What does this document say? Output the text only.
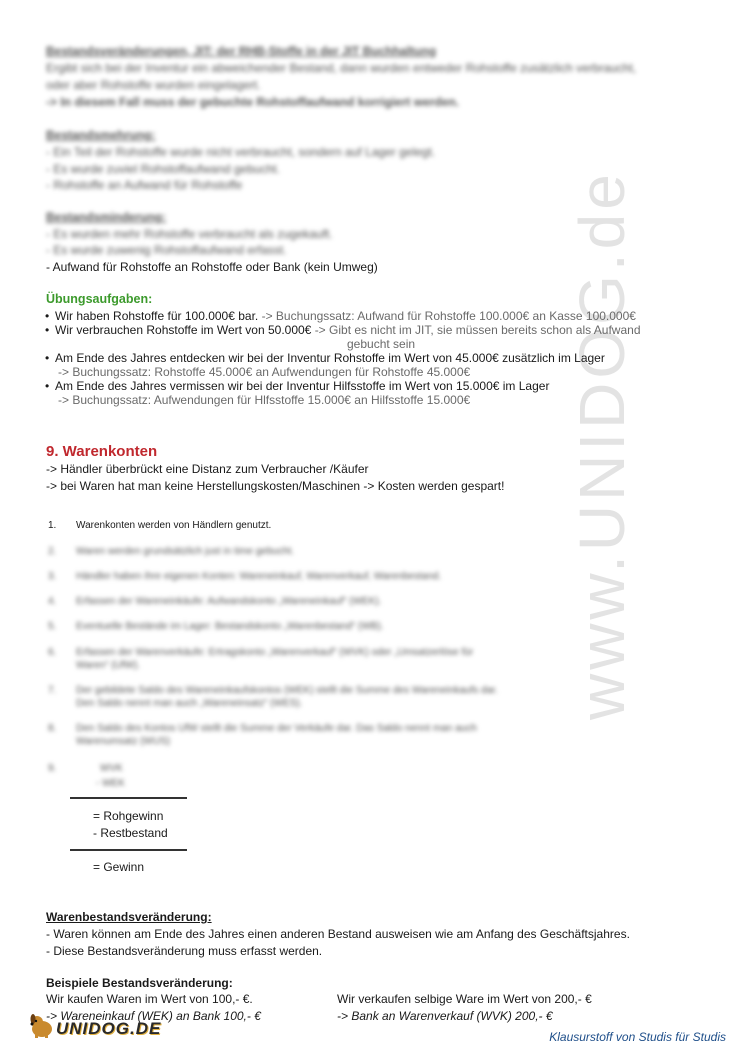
www.UNIDOG.de
Bestandsveränderungen, JIT: der RHB-Stoffe in der JIT Buchhaltung
Ergibt sich bei der Inventur ein abweichender Bestand, dann wurden entweder Rohstoffe zusätzlich verbraucht,
oder aber Rohstoffe wurden eingelagert.
-> In diesem Fall muss der gebuchte Rohstoffaufwand korrigiert werden.
Bestandsmehrung:
- Ein Teil der Rohstoffe wurde nicht verbraucht, sondern auf Lager gelegt.
- Es wurde zuviel Rohstoffaufwand gebucht.
- Rohstoffe an Aufwand für Rohstoffe
Bestandsminderung:
- Es wurden mehr Rohstoffe verbraucht als zugekauft.
- Es wurde zuwenig Rohstoffaufwand erfasst.
- Aufwand für Rohstoffe an Rohstoffe oder Bank (kein Umweg)
Übungsaufgaben:
• Wir haben Rohstoffe für 100.000€ bar. -> Buchungssatz: Aufwand für Rohstoffe 100.000€ an Kasse 100.000€
• Wir verbrauchen Rohstoffe im Wert von 50.000€ -> Gibt es nicht im JIT, sie müssen bereits schon als Aufwand
gebucht sein
• Am Ende des Jahres entdecken wir bei der Inventur Rohstoffe im Wert von 45.000€ zusätzlich im Lager
-> Buchungssatz: Rohstoffe 45.000€ an Aufwendungen für Rohstoffe 45.000€
• Am Ende des Jahres vermissen wir bei der Inventur Hilfsstoffe im Wert von 15.000€ im Lager
-> Buchungssatz: Aufwendungen für Hlfsstoffe 15.000€ an Hilfsstoffe 15.000€
9. Warenkonten
-> Händler überbrückt eine Distanz zum Verbraucher /Käufer
-> bei Waren hat man keine Herstellungskosten/Maschinen -> Kosten werden gespart!
1. Warenkonten werden von Händlern genutzt.
2. Waren werden grundsätzlich just in time gebucht.
3. Händler haben ihre eigenen Konten: Wareneinkauf, Warenverkauf, Warenbestand.
4. Erfassen der Wareneinkäufe: Aufwandskonto „Wareneinkauf“ (WEK).
5. Eventuelle Bestände im Lager: Bestandskonto „Warenbestand“ (WB).
6. Erfassen der Warenverkäufe: Ertragskonto „Warenverkauf“ (WVK) oder „Umsatzerlöse für
Waren“ (UfW).
7. Der gebildete Saldo des Wareneinkaufskontos (WEK) stellt die Summe des Wareneinkaufs dar.
Den Saldo nennt man auch „Wareneinsatz“ (WES).
8. Den Saldo des Kontos UfW stellt die Summe der Verkäufe dar. Das Saldo nennt man auch
Warenumsatz (WUS)
9.	WVK
- WEK
= Rohgewinn
- Restbestand
= Gewinn
Warenbestandsveränderung:
- Waren können am Ende des Jahres einen anderen Bestand ausweisen wie am Anfang des Geschäftsjahres.
- Diese Bestandsveränderung muss erfasst werden.
Beispiele Bestandsveränderung:
Wir kaufen Waren im Wert von 100,- €.
-> Wareneinkauf (WEK) an Bank 100,- €
Wir verkaufen selbige Ware im Wert von 200,- €
-> Bank an Warenverkauf (WVK) 200,- €
UNIDOG.DE	Klausurstoff von Studis für Studis
